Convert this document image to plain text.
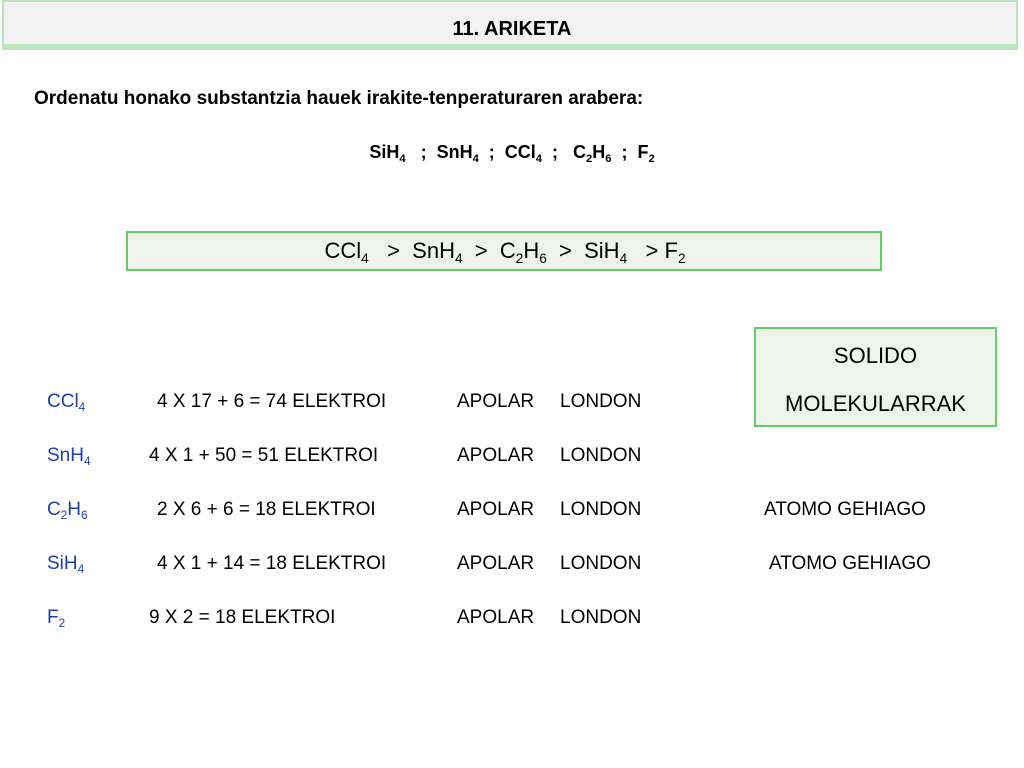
11. ARIKETA
Ordenatu honako substantzia hauek irakite-tenperaturaren arabera:
SiH$_4$   ;  SnH$_4$  ;  CCl$_4$  ;   $C_2H_6$  ;  $F_2$
$CCl_4 > SnH_4 > C_2H_6 > SiH_4 > F_2$
SOLIDO
MOLEKULARRAK
CCl$_4$	4 X 17 + 6 = 74 ELEKTROI	APOLAR LONDON
SnH$_4$	4 X 1 + 50 = 51 ELEKTROI	APOLAR LONDON
$C_2H_6$	2 X 6 + 6 = 18 ELEKTROI	APOLAR LONDON	ATOMO GEHIAGO
SiH$_4$	4 X 1 + 14 = 18 ELEKTROI	APOLAR LONDON	ATOMO GEHIAGO
$F_2$	9 X 2 = 18 ELEKTROI	APOLAR LONDON
